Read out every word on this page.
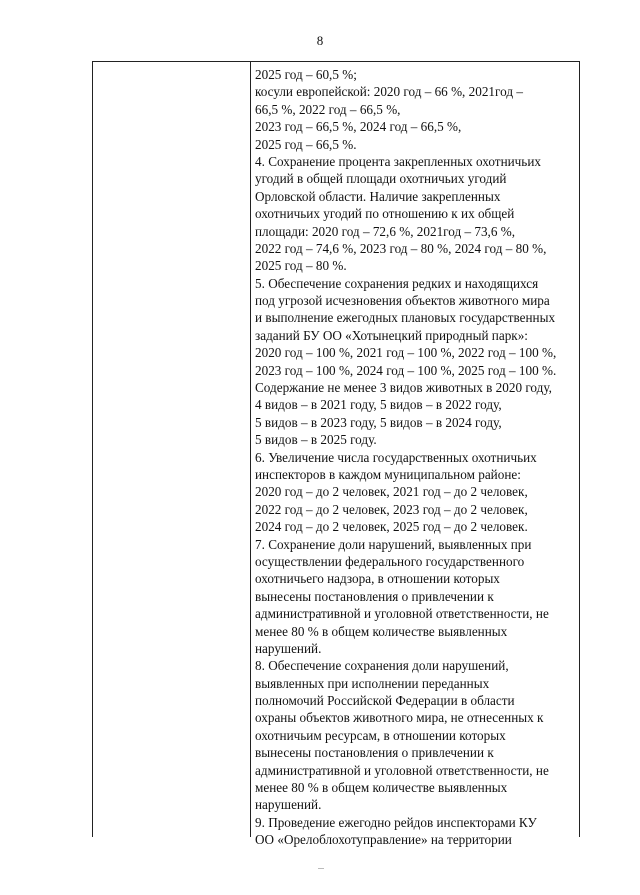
8
2025 год – 60,5 %;
косули европейской: 2020 год – 66 %, 2021год –
66,5 %, 2022 год – 66,5 %,
2023 год – 66,5 %, 2024 год – 66,5 %,
2025 год – 66,5 %.
4. Сохранение процента закрепленных охотничьих
угодий в общей площади охотничьих угодий
Орловской области. Наличие закрепленных
охотничьих угодий по отношению к их общей
площади: 2020 год – 72,6 %, 2021год – 73,6 %,
2022 год – 74,6 %, 2023 год – 80 %, 2024 год – 80 %,
2025 год – 80 %.
5. Обеспечение сохранения редких и находящихся
под угрозой исчезновения объектов животного мира
и выполнение ежегодных плановых государственных
заданий БУ ОО «Хотынецкий природный парк»:
2020 год – 100 %, 2021 год – 100 %, 2022 год – 100 %,
2023 год – 100 %, 2024 год – 100 %, 2025 год – 100 %.
Содержание не менее 3 видов животных в 2020 году,
4 видов – в 2021 году, 5 видов – в 2022 году,
5 видов – в 2023 году, 5 видов – в 2024 году,
5 видов – в 2025 году.
6. Увеличение числа государственных охотничьих
инспекторов в каждом муниципальном районе:
2020 год – до 2 человек, 2021 год – до 2 человек,
2022 год – до 2 человек, 2023 год – до 2 человек,
2024 год – до 2 человек, 2025 год – до 2 человек.
7. Сохранение доли нарушений, выявленных при
осуществлении федерального государственного
охотничьего надзора, в отношении которых
вынесены постановления о привлечении к
административной и уголовной ответственности, не
менее 80 % в общем количестве выявленных
нарушений.
8. Обеспечение сохранения доли нарушений,
выявленных при исполнении переданных
полномочий Российской Федерации в области
охраны объектов животного мира, не отнесенных к
охотничьим ресурсам, в отношении которых
вынесены постановления о привлечении к
административной и уголовной ответственности, не
менее 80 % в общем количестве выявленных
нарушений.
9. Проведение ежегодно рейдов инспекторами КУ
ОО «Орелоблохотуправление» на территории
